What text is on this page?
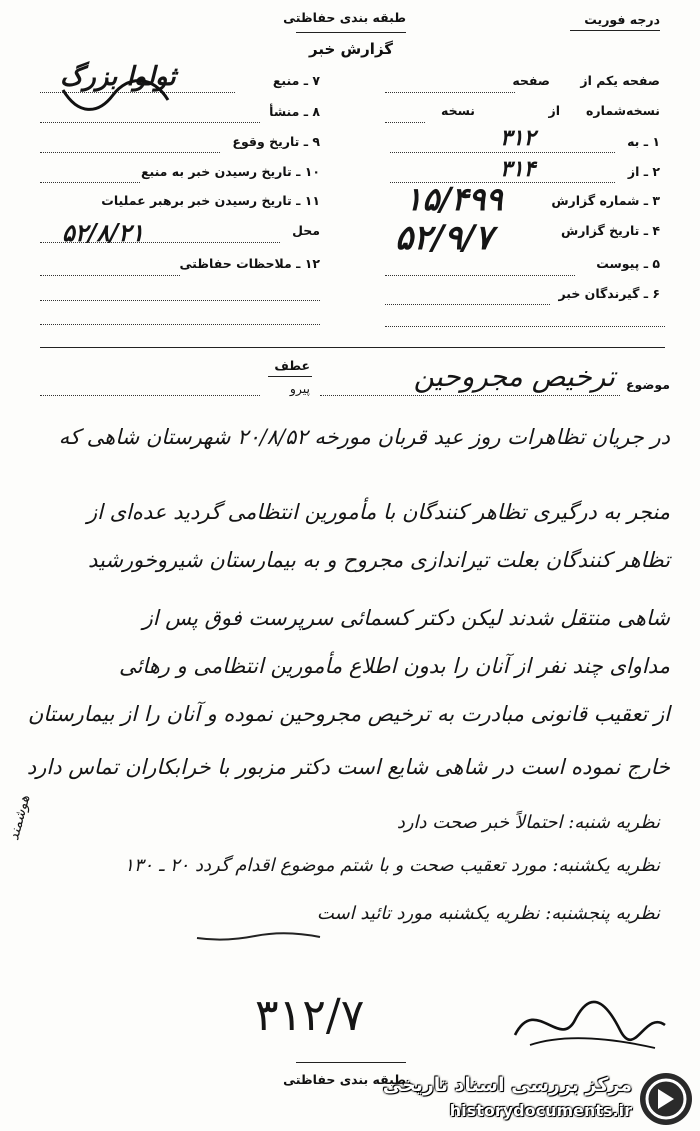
طبقه بندی حفاظتی
گزارش خبر
درجه فوریت
۷ ـ منبع
ثولوا بزرگ
۸ ـ منشأ
۹ ـ تاریخ وقوع
۱۰ ـ تاریخ رسیدن خبر به منبع
۱۱ ـ تاریخ رسیدن خبر برهبر عملیات
محل
۵۲/۸/۲۱
۱۲ ـ ملاحظات حفاظتی
صفحه یکم از
صفحه
نسخه‌شماره
از
نسخه
۱ ـ به
۳۱۲
۲ ـ از
۳۱۴
۳ ـ شماره گزارش
۱۵/۴۹۹
۴ ـ تاریخ گزارش
۵۲/۹/۷
۵ ـ پیوست
۶ ـ گیرندگان خبر
موضوع
ترخیص مجروحین
عطف
پیرو
در جریان تظاهرات روز عید قربان مورخه ۲۰/۸/۵۲ شهرستان شاهی که
منجر به درگیری تظاهر کنندگان با مأمورین انتظامی گردید عده‌ای از
تظاهر کنندگان بعلت تیراندازی مجروح و به بیمارستان شیروخورشید
شاهی منتقل شدند لیکن دکتر کسمائی سرپرست فوق پس از
مداوای چند نفر از آنان را بدون اطلاع مأمورین انتظامی و رهائی
از تعقیب قانونی مبادرت به ترخیص مجروحین نموده و آنان را از بیمارستان
خارج نموده است در شاهی شایع است دکتر مزبور با خرابکاران تماس دارد
نظریه شنبه: احتمالاً خبر صحت دارد
نظریه یکشنبه: مورد تعقیب صحت و با شتم موضوع اقدام گردد ۲۰ ـ ۱۳۰
هوشمند
نظریه پنجشنبه: نظریه یکشنبه مورد تائید است
۳۱۲/۷
طبقه بندی حفاظتی
مرکز بررسی اسناد تاریخی
historydocuments.ir
